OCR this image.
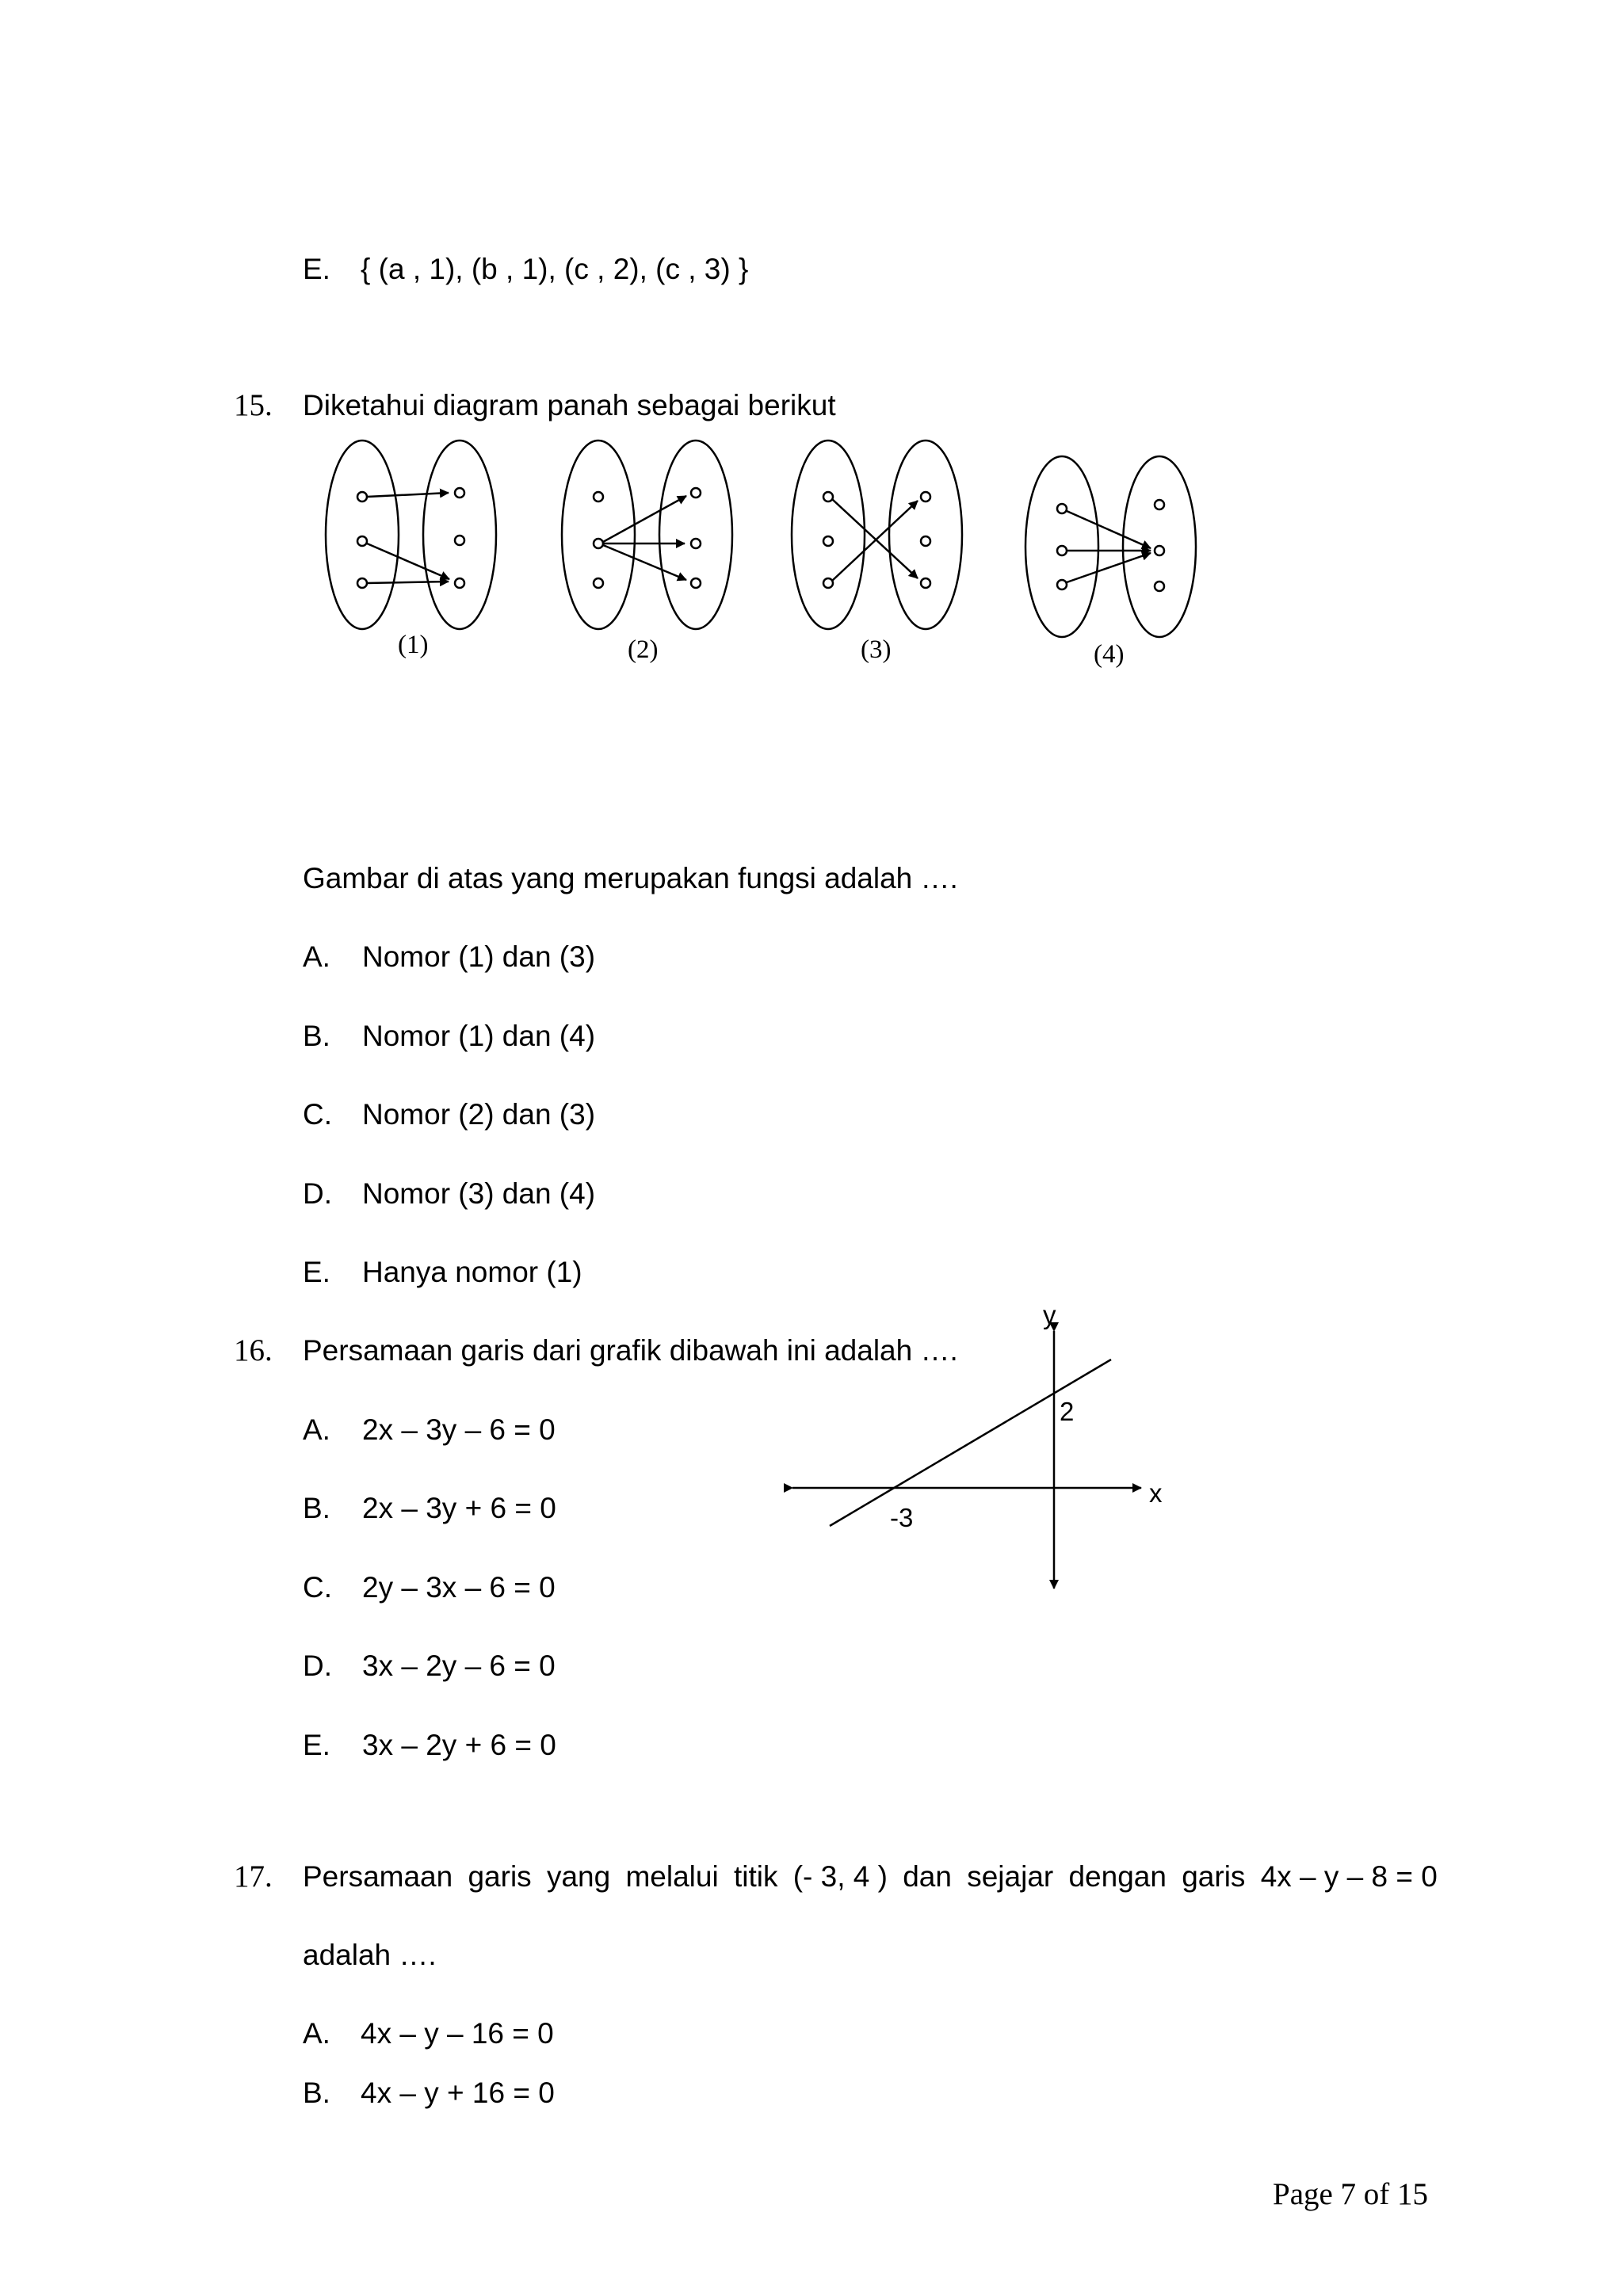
E. { (a , 1), (b , 1), (c , 2), (c , 3) }
15. Diketahui diagram panah sebagai berikut
(1)	(2)	(3)	(4)
Gambar di atas yang merupakan fungsi adalah ….
A. Nomor (1) dan (3)
B. Nomor (1) dan (4)
C. Nomor (2) dan (3)
D. Nomor (3) dan (4)
E. Hanya nomor (1)
16. Persamaan garis dari grafik dibawah ini adalah ….
y
x
2
-3
A. 2x – 3y – 6 = 0
B. 2x – 3y + 6 = 0
C. 2y – 3x – 6 = 0
D. 3x – 2y – 6 = 0
E. 3x – 2y + 6 = 0
17. Persamaan garis yang melalui titik (- 3, 4 ) dan sejajar dengan garis 4x – y – 8 = 0
adalah ….
A. 4x – y – 16 = 0
B. 4x – y + 16 = 0
Page 7 of 15
